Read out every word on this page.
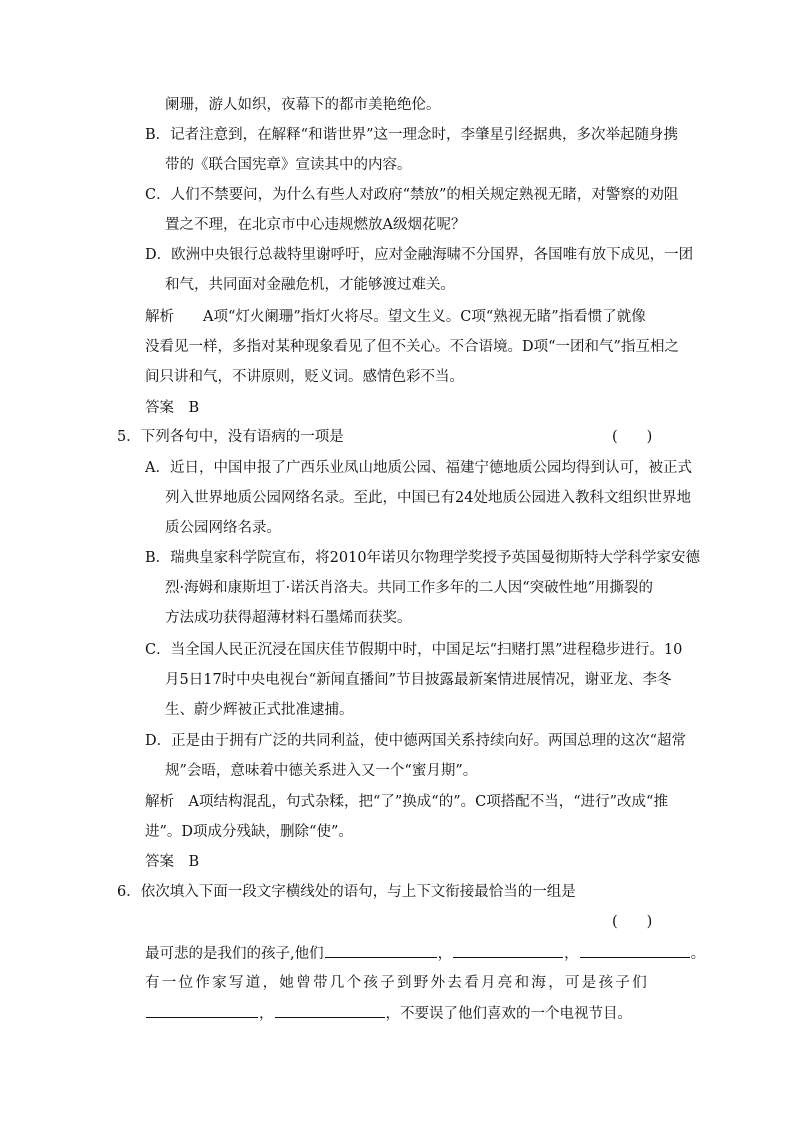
阑珊，游人如织，夜幕下的都市美艳绝伦。
B．记者注意到，在解释“和谐世界”这一理念时，李肇星引经据典，多次举起随身携
带的《联合国宪章》宣读其中的内容。
C．人们不禁要问，为什么有些人对政府“禁放”的相关规定熟视无睹，对警察的劝阻
置之不理，在北京市中心违规燃放A级烟花呢？
D．欧洲中央银行总裁特里谢呼吁，应对金融海啸不分国界，各国唯有放下成见，一团
和气，共同面对金融危机，才能够渡过难关。
解析　　A项“灯火阑珊”指灯火将尽。望文生义。C项“熟视无睹”指看惯了就像
没看见一样，多指对某种现象看见了但不关心。不合语境。D项“一团和气”指互相之
间只讲和气，不讲原则，贬义词。感情色彩不当。
答案　B
5．下列各句中，没有语病的一项是	(　　)
A．近日，中国申报了广西乐业凤山地质公园、福建宁德地质公园均得到认可，被正式
列入世界地质公园网络名录。至此，中国已有24处地质公园进入教科文组织世界地
质公园网络名录。
B．瑞典皇家科学院宣布，将2010年诺贝尔物理学奖授予英国曼彻斯特大学科学家安德
烈·海姆和康斯坦丁·诺沃肖洛夫。共同工作多年的二人因“突破性地”用撕裂的
方法成功获得超薄材料石墨烯而获奖。
C．当全国人民正沉浸在国庆佳节假期中时，中国足坛“扫赌打黑”进程稳步进行。10
月5日17时中央电视台“新闻直播间”节目披露最新案情进展情况，谢亚龙、李冬
生、蔚少辉被正式批准逮捕。
D．正是由于拥有广泛的共同利益，使中德两国关系持续向好。两国总理的这次“超常
规”会晤，意味着中德关系进入又一个“蜜月期”。
解析　A项结构混乱，句式杂糅，把“了”换成“的”。C项搭配不当，“进行”改成“推
进”。D项成分残缺，删除“使”。
答案　B
6．依次填入下面一段文字横线处的语句，与上下文衔接最恰当的一组是
(　　)
最可悲的是我们的孩子,他们	，	，	。
有一位作家写道，她曾带几个孩子到野外去看月亮和海，可是孩子们
，	，不要误了他们喜欢的一个电视节目。
